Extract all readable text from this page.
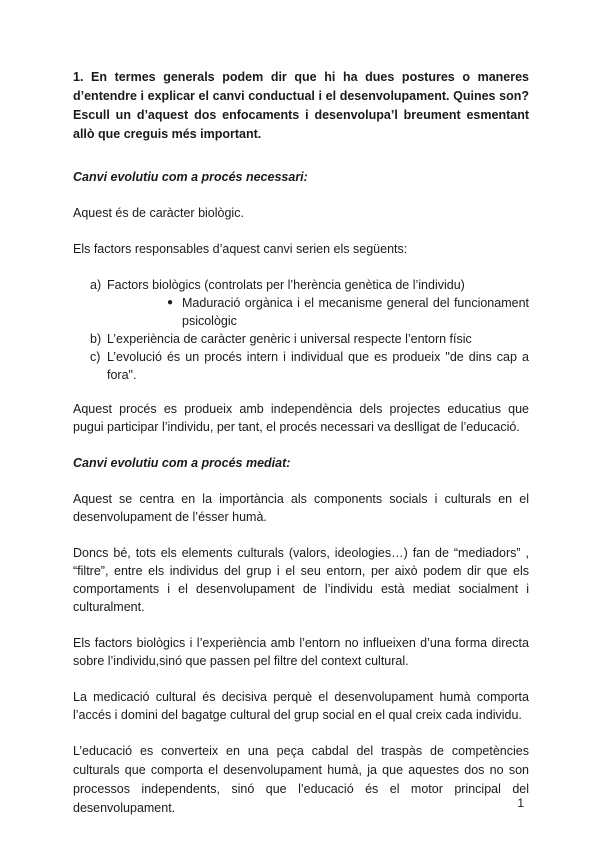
1. En termes generals podem dir que hi ha dues postures o maneres d’entendre i explicar el canvi conductual i el desenvolupament. Quines son? Escull un d’aquest dos enfocaments i desenvolupa’l breument esmentant allò que creguis més important.
Canvi evolutiu com a procés necessari:

Aquest és de caràcter biològic.

Els factors responsables d’aquest canvi serien els següents:

a) Factors biològics (controlats per l’herència genètica de l’individu)
● Maduració orgànica i el mecanisme general del funcionament psicològic
b) L’experiència de caràcter genèric i universal respecte l’entorn físic
c) L’evolució és un procés intern i individual que es produeix "de dins cap a fora".

Aquest procés es produeix amb independència dels projectes educatius que pugui participar l’individu, per tant, el procés necessari va deslligat de l’educació.

Canvi evolutiu com a procés mediat:

Aquest se centra en la importància als components socials i culturals en el desenvolupament de l’ésser humà.

Doncs bé, tots els elements culturals (valors, ideologies…) fan de “mediadors” , “filtre”, entre els individus del grup i el seu entorn, per això podem dir que els comportaments i el desenvolupament de l’individu està mediat socialment i culturalment.

Els factors biològics i l’experiència amb l’entorn no influeixen d’una forma directa sobre l’individu,sinó que passen pel filtre del context cultural.

La medicació cultural és decisiva perquè el desenvolupament humà comporta l’accés i domini del bagatge cultural del grup social en el qual creix cada individu.

L’educació es converteix en una peça cabdal del traspàs de competències culturals que comporta el desenvolupament humà, ja que aquestes dos no son processos independents, sinó que l’educació és el motor principal del desenvolupament.	1
